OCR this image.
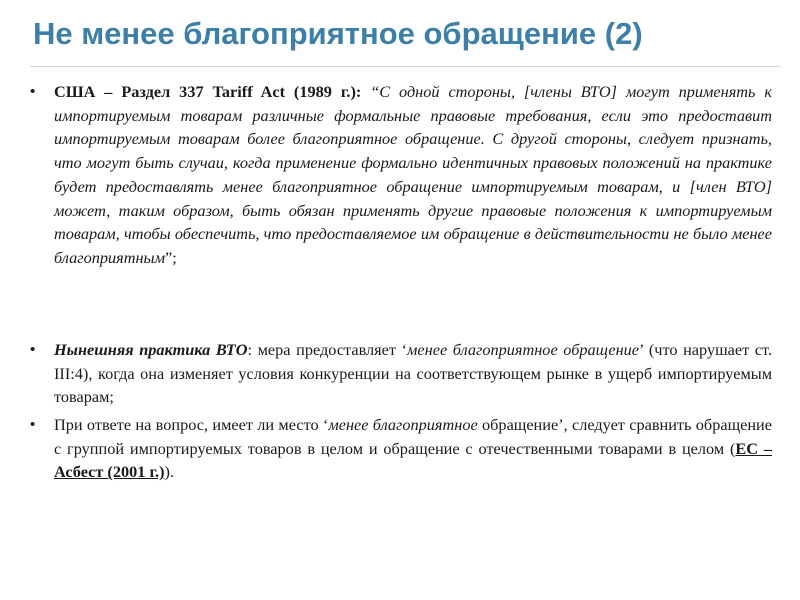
Не менее благоприятное обращение (2)
•	США – Раздел 337 Tariff Act (1989 г.): “С одной стороны, [члены ВТО] могут применять к импортируемым товарам различные формальные правовые требования, если это предоставит импортируемым товарам более благоприятное обращение. С другой стороны, следует признать, что могут быть случаи, когда применение формально идентичных правовых положений на практике будет предоставлять менее благоприятное обращение импортируемым товарам, и [член ВТО] может, таким образом, быть обязан применять другие правовые положения к импортируемым товарам, чтобы обеспечить, что предоставляемое им обращение в действительности не было менее благоприятным”;
•	Нынешняя практика ВТО: мера предоставляет ‘менее благоприятное обращение’ (что нарушает ст. III:4), когда она изменяет условия конкуренции на соответствующем рынке в ущерб импортируемым товарам;
•	При ответе на вопрос, имеет ли место ‘менее благоприятное обращение’, следует сравнить обращение с группой импортируемых товаров в целом и обращение с отечественными товарами в целом (ЕС – Асбест (2001 г.)).
